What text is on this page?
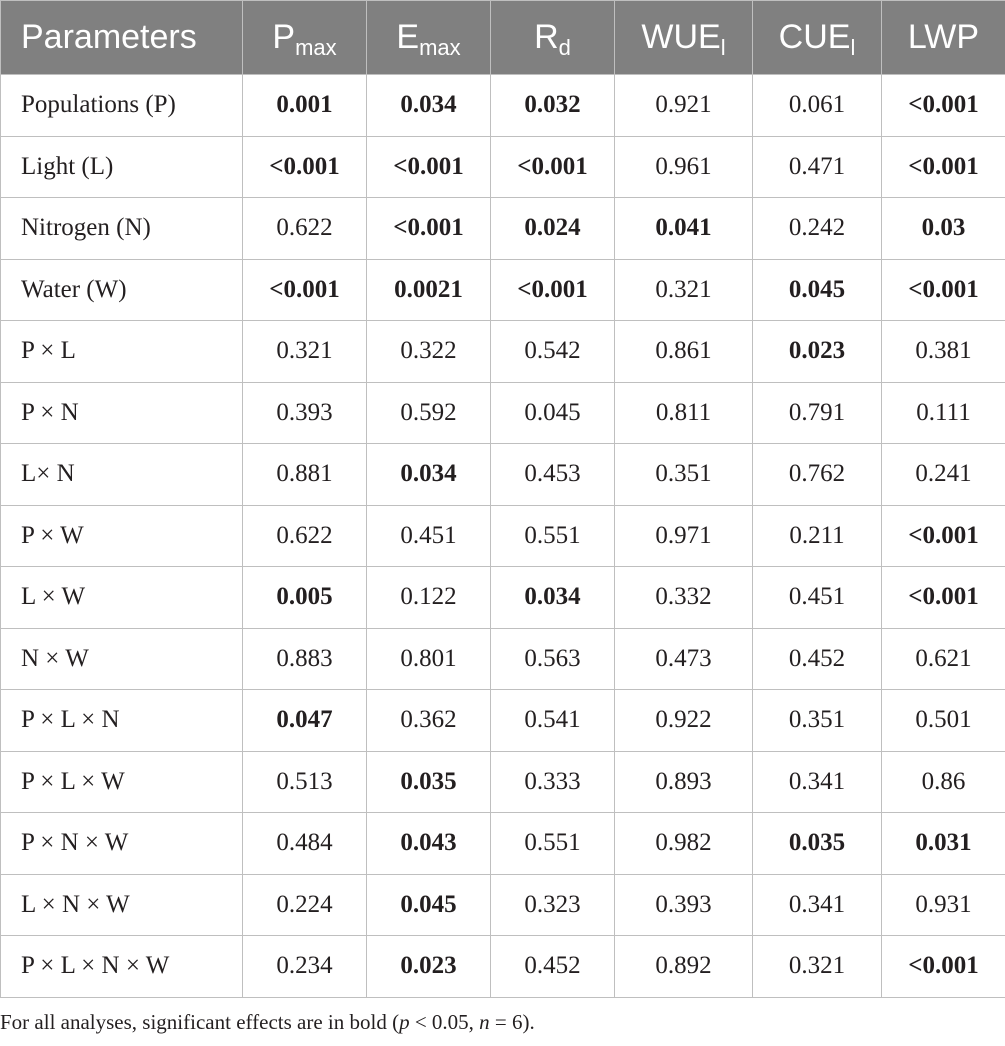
Parameters	$P_{max}$	$E_{max}$	$R_d$	$WUE_l$	$CUE_l$	LWP
Populations (P)	0.001	0.034	0.032	0.921	0.061	<0.001
Light (L)	<0.001	<0.001	<0.001	0.961	0.471	<0.001
Nitrogen (N)	0.622	<0.001	0.024	0.041	0.242	0.03
Water (W)	<0.001	0.0021	<0.001	0.321	0.045	<0.001
P × L	0.321	0.322	0.542	0.861	0.023	0.381
P × N	0.393	0.592	0.045	0.811	0.791	0.111
L× N	0.881	0.034	0.453	0.351	0.762	0.241
P × W	0.622	0.451	0.551	0.971	0.211	<0.001
L × W	0.005	0.122	0.034	0.332	0.451	<0.001
N × W	0.883	0.801	0.563	0.473	0.452	0.621
P × L × N	0.047	0.362	0.541	0.922	0.351	0.501
P × L × W	0.513	0.035	0.333	0.893	0.341	0.86
P × N × W	0.484	0.043	0.551	0.982	0.035	0.031
L × N × W	0.224	0.045	0.323	0.393	0.341	0.931
P × L × N × W	0.234	0.023	0.452	0.892	0.321	<0.001
For all analyses, significant effects are in bold (p < 0.05, n = 6).
